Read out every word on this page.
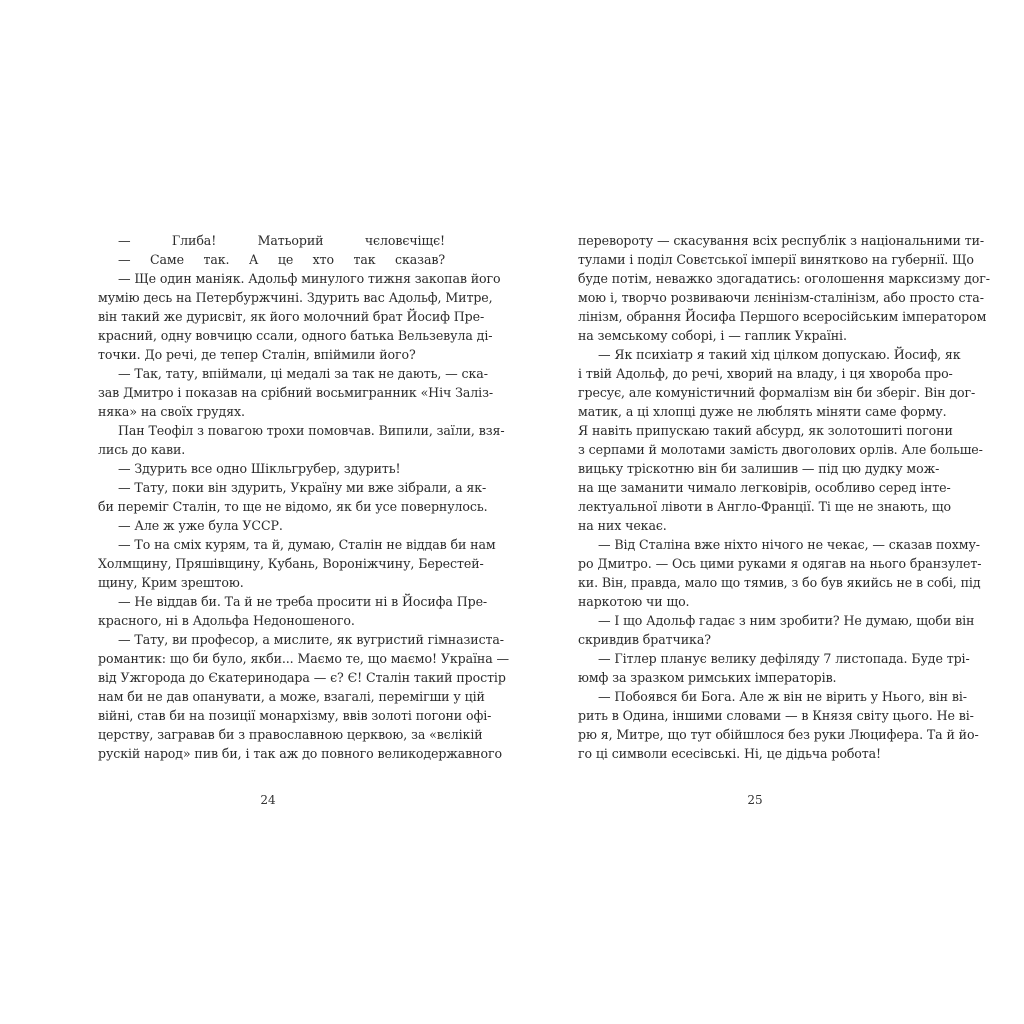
— Глиба! Матьорий чєловєчіщє!
— Саме так. А це хто так сказав?
— Ще один маніяк. Адольф минулого тижня закопав його
мумію десь на Петербуржчині. Здурить вас Адольф, Митре,
він такий же дурисвіт, як його молочний брат Йосиф Пре-
красний, одну вовчицю ссали, одного батька Вельзевула ді-
точки. До речі, де тепер Сталін, впіймили його?
— Так, тату, впіймали, ці медалі за так не дають, — ска-
зав Дмитро і показав на срібний восьмигранник «Ніч Заліз-
няка» на своїх грудях.
Пан Теофіл з повагою трохи помовчав. Випили, заїли, взя-
лись до кави.
— Здурить все одно Шікльгрубер, здурить!
— Тату, поки він здурить, Україну ми вже зібрали, а як-
би переміг Сталін, то ще не відомо, як би усе повернулось.
— Але ж уже була УССР.
— То на сміх курям, та й, думаю, Сталін не віддав би нам
Холмщину, Пряшівщину, Кубань, Вороніжчину, Берестей-
щину, Крим зрештою.
— Не віддав би. Та й не треба просити ні в Йосифа Пре-
красного, ні в Адольфа Недоношеного.
— Тату, ви професор, а мислите, як вугристий гімназиста-
романтик: що би було, якби... Маємо те, що маємо! Україна —
від Ужгорода до Єкатеринодара — є? Є! Сталін такий простір
нам би не дав опанувати, а може, взагалі, перемігши у цій
війні, став би на позиції монархізму, ввів золоті погони офі-
церству, загравав би з православною церквою, за «вєлікій
рускій народ» пив би, і так аж до повного великодержавного
перевороту — скасування всіх республік з національними ти-
тулами і поділ Совєтської імперії винятково на губернії. Що
буде потім, неважко здогадатись: оголошення марксизму дог-
мою і, творчо розвиваючи лєнінізм-сталінізм, або просто ста-
лінізм, обрання Йосифа Першого всеросійським імператором
на земському соборі, і — гаплик Україні.
— Як психіатр я такий хід цілком допускаю. Йосиф, як
і твій Адольф, до речі, хворий на владу, і ця хвороба про-
гресує, але комуністичний формалізм він би зберіг. Він дог-
матик, а ці хлопці дуже не люблять міняти саме форму.
Я навіть припускаю такий абсурд, як золотошиті погони
з серпами й молотами замість двоголових орлів. Але больше-
вицьку тріскотню він би залишив — під цю дудку мож-
на ще заманити чимало легковірів, особливо серед інте-
лектуальної лівоти в Англо-Франції. Ті ще не знають, що
на них чекає.
— Від Сталіна вже ніхто нічого не чекає, — сказав похму-
ро Дмитро. — Ось цими руками я одягав на нього бранзулет-
ки. Він, правда, мало що тямив, з бо був якийсь не в собі, під
наркотою чи що.
— І що Адольф гадає з ним зробити? Не думаю, щоби він
скривдив братчика?
— Гітлер планує велику дефіляду 7 листопада. Буде трі-
юмф за зразком римських імператорів.
— Побоявся би Бога. Але ж він не вірить у Нього, він ві-
рить в Одина, іншими словами — в Князя світу цього. Не ві-
рю я, Митре, що тут обійшлося без руки Люцифера. Та й йо-
го ці символи есесівські. Ні, це дідьча робота!
24	25
